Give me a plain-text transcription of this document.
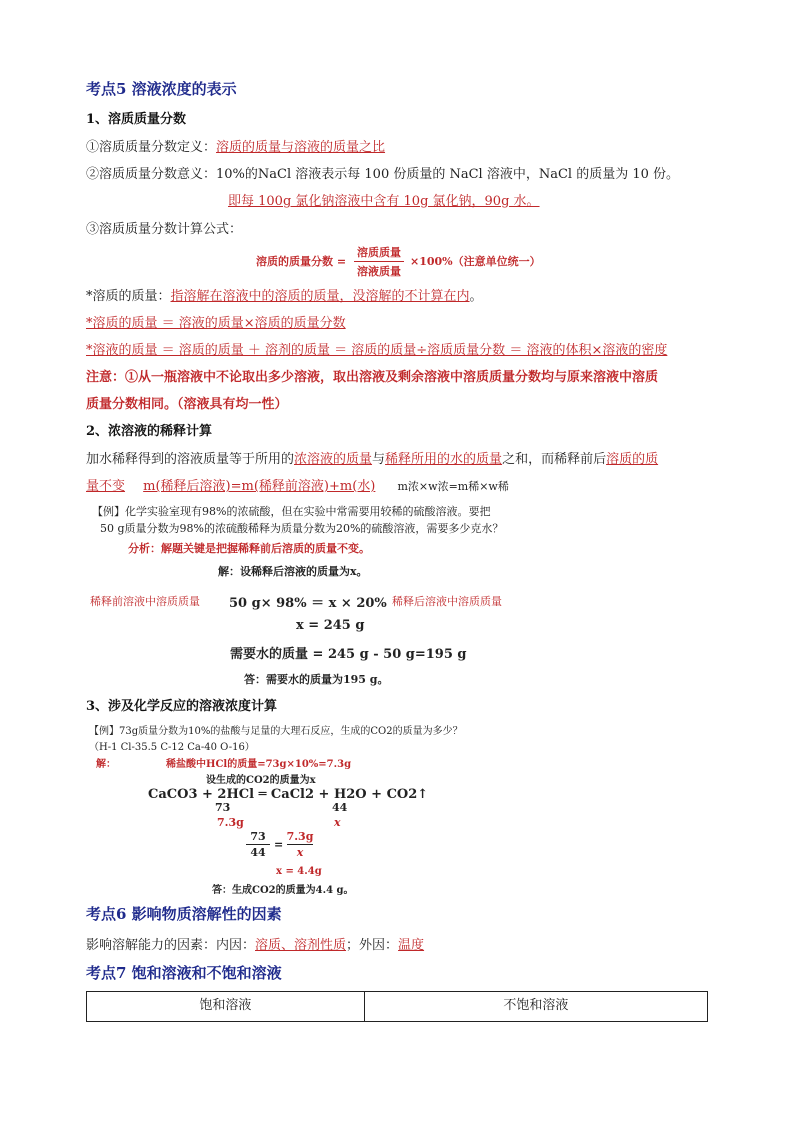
考点5 溶液浓度的表示
1、溶质质量分数
①溶质质量分数定义：溶质的质量与溶液的质量之比
②溶质质量分数意义：10%的NaCl 溶液表示每 100 份质量的 NaCl 溶液中，NaCl 的质量为 10 份。
即每 100g 氯化钠溶液中含有 10g 氯化钠，90g 水。
③溶质质量分数计算公式：
溶质的质量分数 =
溶质质量
溶液质量
×100%（注意单位统一）
*溶质的质量：指溶解在溶液中的溶质的质量，没溶解的不计算在内。
*溶质的质量 ＝ 溶液的质量×溶质的质量分数
*溶液的质量 ＝ 溶质的质量 ＋ 溶剂的质量 ＝ 溶质的质量÷溶质质量分数 ＝ 溶液的体积×溶液的密度
注意：①从一瓶溶液中不论取出多少溶液，取出溶液及剩余溶液中溶质质量分数均与原来溶液中溶质
质量分数相同。（溶液具有均一性）
2、浓溶液的稀释计算
加水稀释得到的溶液质量等于所用的浓溶液的质量与稀释所用的水的质量之和，而稀释前后溶质的质
量不变 m(稀释后溶液)=m(稀释前溶液)+m(水) m浓×w浓=m稀×w稀
【例】化学实验室现有98%的浓硫酸，但在实验中常需要用较稀的硫酸溶液。要把
50 g质量分数为98%的浓硫酸稀释为质量分数为20%的硫酸溶液，需要多少克水？
分析：解题关键是把握稀释前后溶质的质量不变。
解：设稀释后溶液的质量为x。
稀释前溶液中溶质质量 50 g× 98% ＝ x × 20% 稀释后溶液中溶质质量
x = 245 g
需要水的质量 = 245 g - 50 g=195 g
答：需要水的质量为195 g。
3、涉及化学反应的溶液浓度计算
【例】73g质量分数为10%的盐酸与足量的大理石反应，生成的CO2的质量为多少？
（H-1 Cl-35.5 C-12 Ca-40 O-16）
解：	稀盐酸中HCl的质量=73g×10%=7.3g
设生成的CO2的质量为x
CaCO3 + 2HCl ═ CaCl2 + H2O + CO2↑
73	44
7.3g	x
73
44
=
7.3g
x
x = 4.4g
答：生成CO2的质量为4.4 g。
考点6 影响物质溶解性的因素
影响溶解能力的因素：内因：溶质、溶剂性质；外因：温度
考点7 饱和溶液和不饱和溶液
饱和溶液	不饱和溶液
